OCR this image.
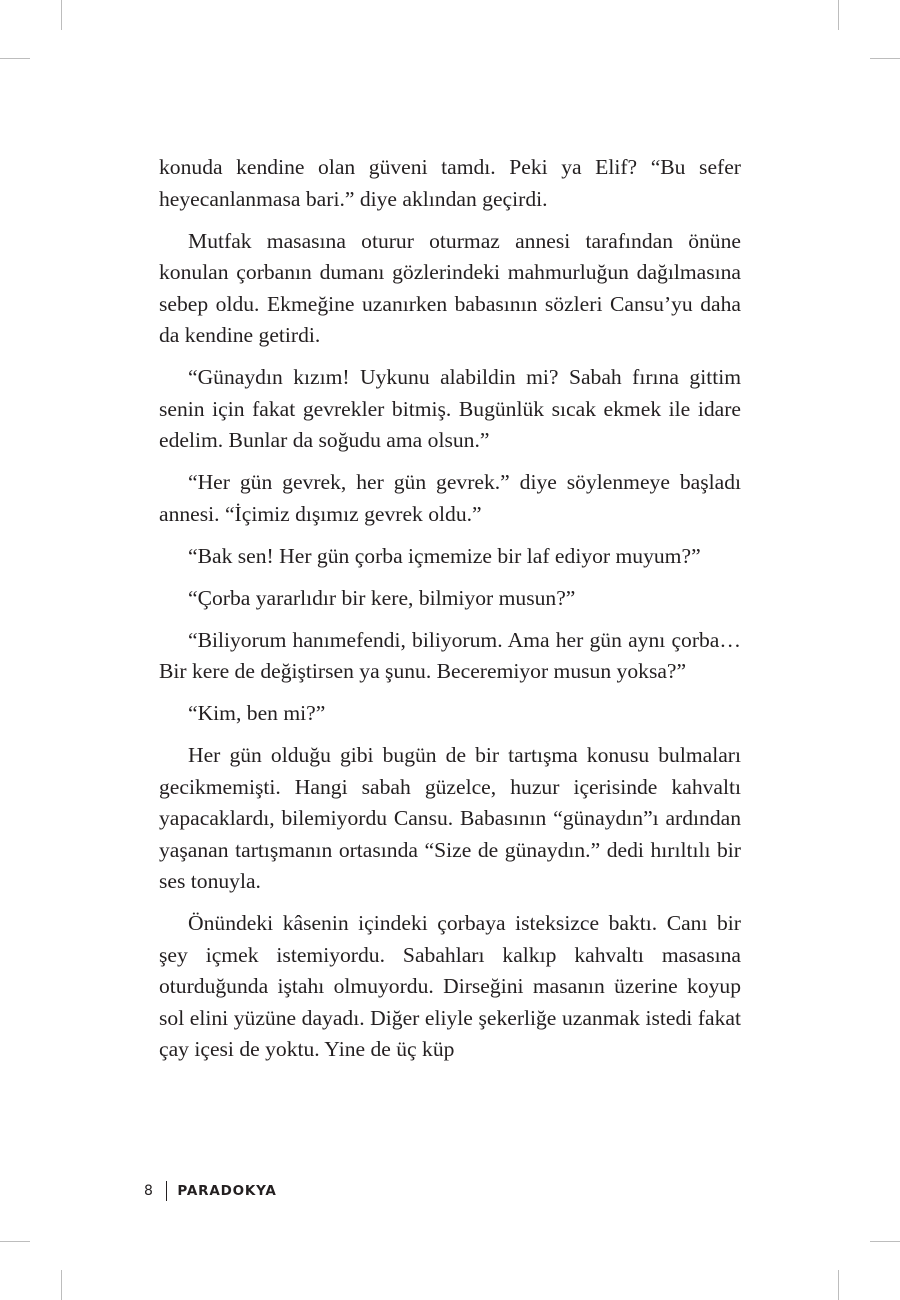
konuda kendine olan güveni tamdı. Peki ya Elif? “Bu sefer heyecanlanmasa bari.” diye aklından geçirdi.

Mutfak masasına oturur oturmaz annesi tarafından önüne konulan çorbanın dumanı gözlerindeki mahmurluğun dağılmasına sebep oldu. Ekmeğine uzanırken babasının sözleri Cansu’yu daha da kendine getirdi.

“Günaydın kızım! Uykunu alabildin mi? Sabah fırına gittim senin için fakat gevrekler bitmiş. Bugünlük sıcak ekmek ile idare edelim. Bunlar da soğudu ama olsun.”

“Her gün gevrek, her gün gevrek.” diye söylenmeye başladı annesi. “İçimiz dışımız gevrek oldu.”

“Bak sen! Her gün çorba içmemize bir laf ediyor muyum?”

“Çorba yararlıdır bir kere, bilmiyor musun?”

“Biliyorum hanımefendi, biliyorum. Ama her gün aynı çorba… Bir kere de değiştirsen ya şunu. Beceremiyor musun yoksa?”

“Kim, ben mi?”

Her gün olduğu gibi bugün de bir tartışma konusu bulmaları gecikmemişti. Hangi sabah güzelce, huzur içerisinde kahvaltı yapacaklardı, bilemiyordu Cansu. Babasının “günaydın”ı ardından yaşanan tartışmanın ortasında “Size de günaydın.” dedi hırıltılı bir ses tonuyla.

Önündeki kâsenin içindeki çorbaya isteksizce baktı. Canı bir şey içmek istemiyordu. Sabahları kalkıp kahvaltı masasına oturduğunda iştahı olmuyordu. Dirseğini masanın üzerine koyup sol elini yüzüne dayadı. Diğer eliyle şekerliğe uzanmak istedi fakat çay içesi de yoktu. Yine de üç küp

8 PARADOKYA
